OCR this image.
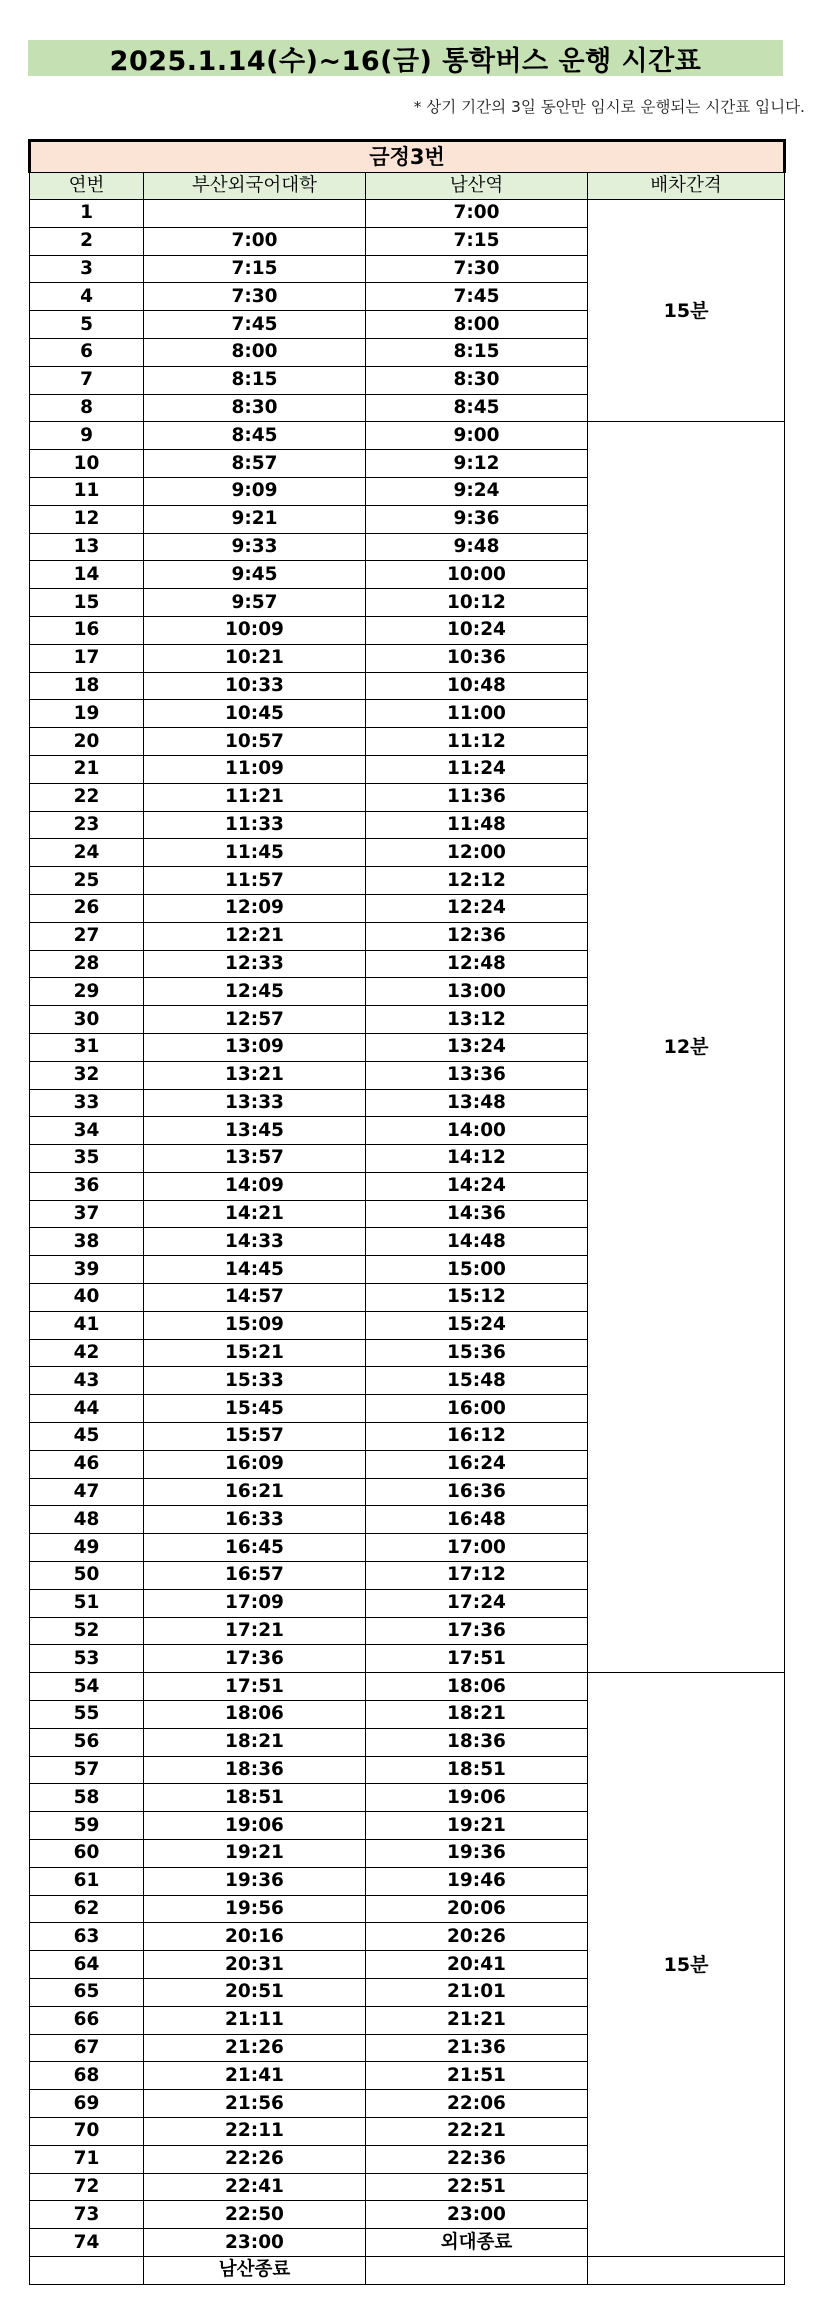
2025.1.14(수)~16(금) 통학버스 운행 시간표
* 상기 기간의 3일 동안만 임시로 운행되는 시간표 입니다.
금정3번			
연번	부산외국어대학	남산역	배차간격
1		7:00	15분
2	7:00	7:15	
3	7:15	7:30	
4	7:30	7:45	
5	7:45	8:00	
6	8:00	8:15	
7	8:15	8:30	
8	8:30	8:45	
9	8:45	9:00	12분
10	8:57	9:12	
11	9:09	9:24	
12	9:21	9:36	
13	9:33	9:48	
14	9:45	10:00	
15	9:57	10:12	
16	10:09	10:24	
17	10:21	10:36	
18	10:33	10:48	
19	10:45	11:00	
20	10:57	11:12	
21	11:09	11:24	
22	11:21	11:36	
23	11:33	11:48	
24	11:45	12:00	
25	11:57	12:12	
26	12:09	12:24	
27	12:21	12:36	
28	12:33	12:48	
29	12:45	13:00	
30	12:57	13:12	
31	13:09	13:24	
32	13:21	13:36	
33	13:33	13:48	
34	13:45	14:00	
35	13:57	14:12	
36	14:09	14:24	
37	14:21	14:36	
38	14:33	14:48	
39	14:45	15:00	
40	14:57	15:12	
41	15:09	15:24	
42	15:21	15:36	
43	15:33	15:48	
44	15:45	16:00	
45	15:57	16:12	
46	16:09	16:24	
47	16:21	16:36	
48	16:33	16:48	
49	16:45	17:00	
50	16:57	17:12	
51	17:09	17:24	
52	17:21	17:36	
53	17:36	17:51	
54	17:51	18:06	15분
55	18:06	18:21	
56	18:21	18:36	
57	18:36	18:51	
58	18:51	19:06	
59	19:06	19:21	
60	19:21	19:36	
61	19:36	19:46	
62	19:56	20:06	
63	20:16	20:26	
64	20:31	20:41	
65	20:51	21:01	
66	21:11	21:21	
67	21:26	21:36	
68	21:41	21:51	
69	21:56	22:06	
70	22:11	22:21	
71	22:26	22:36	
72	22:41	22:51	
73	22:50	23:00	
74	23:00	외대종료	
	남산종료		
